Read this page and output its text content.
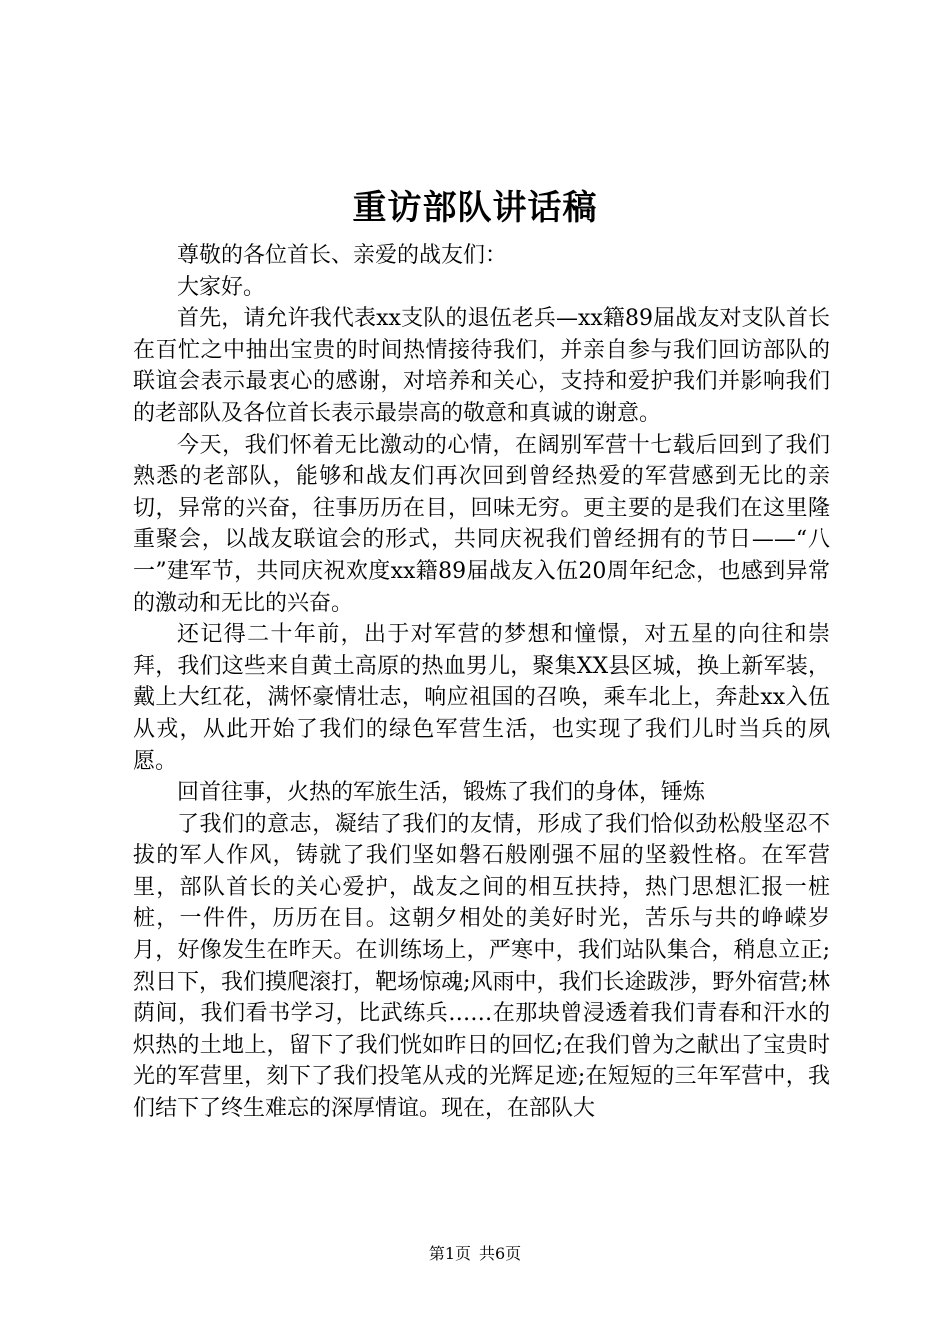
重访部队讲话稿

尊敬的各位首长、亲爱的战友们：

大家好。

首先，请允许我代表xx支队的退伍老兵—xx籍89届战友对支队首长在百忙之中抽出宝贵的时间热情接待我们，并亲自参与我们回访部队的联谊会表示最衷心的感谢，对培养和关心，支持和爱护我们并影响我们的老部队及各位首长表示最崇高的敬意和真诚的谢意。

今天，我们怀着无比激动的心情，在阔别军营十七载后回到了我们熟悉的老部队，能够和战友们再次回到曾经热爱的军营感到无比的亲切，异常的兴奋，往事历历在目，回味无穷。更主要的是我们在这里隆重聚会，以战友联谊会的形式，共同庆祝我们曾经拥有的节日——“八一”建军节，共同庆祝欢度xx籍89届战友入伍20周年纪念，也感到异常的激动和无比的兴奋。

还记得二十年前，出于对军营的梦想和憧憬，对五星的向往和崇拜，我们这些来自黄土高原的热血男儿，聚集XX县区城，换上新军装，戴上大红花，满怀豪情壮志，响应祖国的召唤，乘车北上，奔赴xx入伍从戎，从此开始了我们的绿色军营生活，也实现了我们儿时当兵的夙愿。

回首往事，火热的军旅生活，锻炼了我们的身体，锤炼

了我们的意志，凝结了我们的友情，形成了我们恰似劲松般坚忍不拔的军人作风，铸就了我们坚如磐石般刚强不屈的坚毅性格。在军营里，部队首长的关心爱护，战友之间的相互扶持，热门思想汇报一桩桩，一件件，历历在目。这朝夕相处的美好时光，苦乐与共的峥嵘岁月，好像发生在昨天。在训练场上，严寒中，我们站队集合，稍息立正;烈日下，我们摸爬滚打，靶场惊魂;风雨中，我们长途跋涉，野外宿营;林荫间，我们看书学习，比武练兵……在那块曾浸透着我们青春和汗水的炽热的土地上，留下了我们恍如昨日的回忆;在我们曾为之献出了宝贵时光的军营里，刻下了我们投笔从戎的光辉足迹;在短短的三年军营中，我们结下了终生难忘的深厚情谊。现在，在部队大

第1页 共6页
